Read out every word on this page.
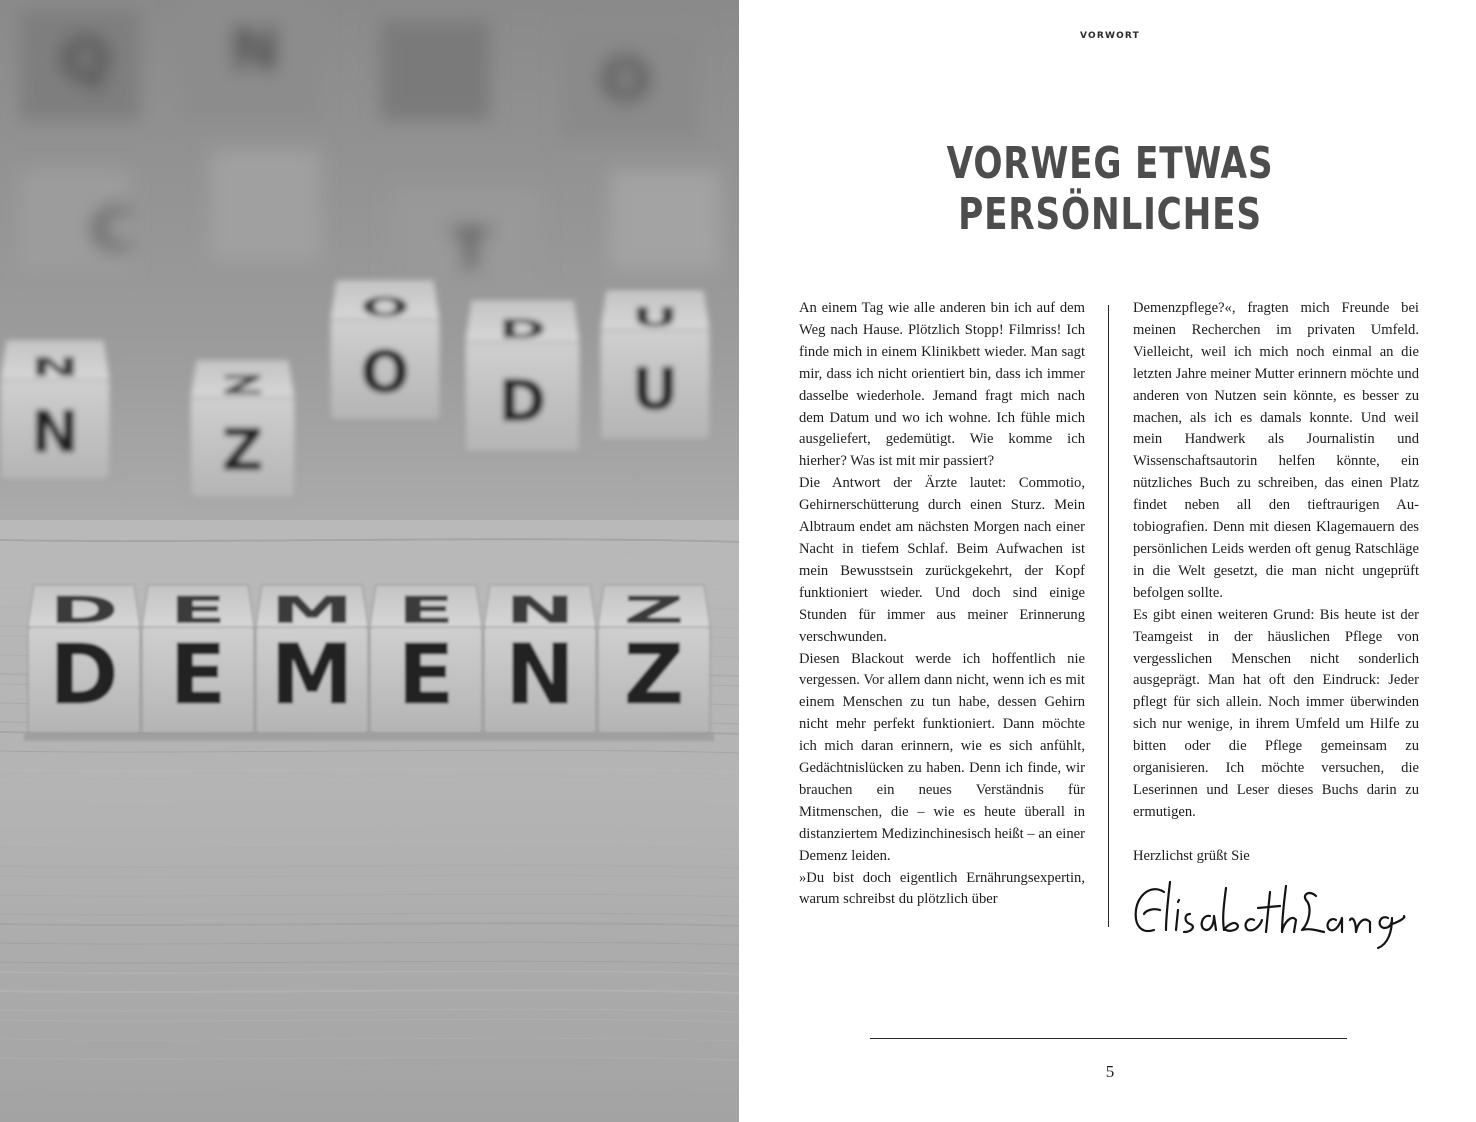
Q N	O
C	T
N
N
Z
Z
O
O
D
D
U
U
D
D
E
E
M
M
E
E
N
N
Z
Z
VORWORT
VORWEG ETWAS PERSÖNLICHES

An einem Tag wie alle anderen bin ich auf dem Weg nach Hause. Plötzlich Stopp! Filmriss! Ich finde mich in einem Klinikbett wieder. Man sagt mir, dass ich nicht orientiert bin, dass ich immer dasselbe wiederhole. Jemand fragt mich nach dem Datum und wo ich wohne. Ich fühle mich ausgeliefert, gedemütigt. Wie komme ich hierher? Was ist mit mir passiert?

Die Antwort der Ärzte lautet: Commotio, Gehirnerschütterung durch einen Sturz. Mein Albtraum endet am nächsten Morgen nach einer Nacht in tiefem Schlaf. Beim Aufwachen ist mein Bewusstsein zurückgekehrt, der Kopf funktioniert wieder. Und doch sind einige Stunden für immer aus meiner Erinnerung verschwunden.

Diesen Blackout werde ich hoffentlich nie vergessen. Vor allem dann nicht, wenn ich es mit einem Menschen zu tun habe, dessen Gehirn nicht mehr perfekt funktioniert. Dann möchte ich mich daran erinnern, wie es sich anfühlt, Gedächtnislücken zu haben. Denn ich finde, wir brauchen ein neues Verständnis für Mitmenschen, die – wie es heute überall in distanziertem Medizinchinesisch heißt – an einer Demenz leiden.

»Du bist doch eigentlich Ernährungsexpertin, warum schreibst du plötzlich über

Demenzpflege?«, fragten mich Freunde bei meinen Recherchen im privaten Umfeld. Vielleicht, weil ich mich noch einmal an die letzten Jahre meiner Mutter erinnern möchte und anderen von Nutzen sein könnte, es besser zu machen, als ich es damals konnte. Und weil mein Handwerk als Journalistin und Wissenschaftsautorin helfen könnte, ein nützliches Buch zu schreiben, das einen Platz findet neben all den tieftraurigen Autobiografien. Denn mit diesen Klagemauern des persönlichen Leids werden oft genug Ratschläge in die Welt gesetzt, die man nicht ungeprüft befolgen sollte.

Es gibt einen weiteren Grund: Bis heute ist der Teamgeist in der häuslichen Pflege von vergesslichen Menschen nicht sonderlich ausgeprägt. Man hat oft den Eindruck: Jeder pflegt für sich allein. Noch immer überwinden sich nur wenige, in ihrem Umfeld um Hilfe zu bitten oder die Pflege gemeinsam zu organisieren. Ich möchte versuchen, die Leserinnen und Leser dieses Buchs darin zu ermutigen.

Herzlichst grüßt Sie

5
